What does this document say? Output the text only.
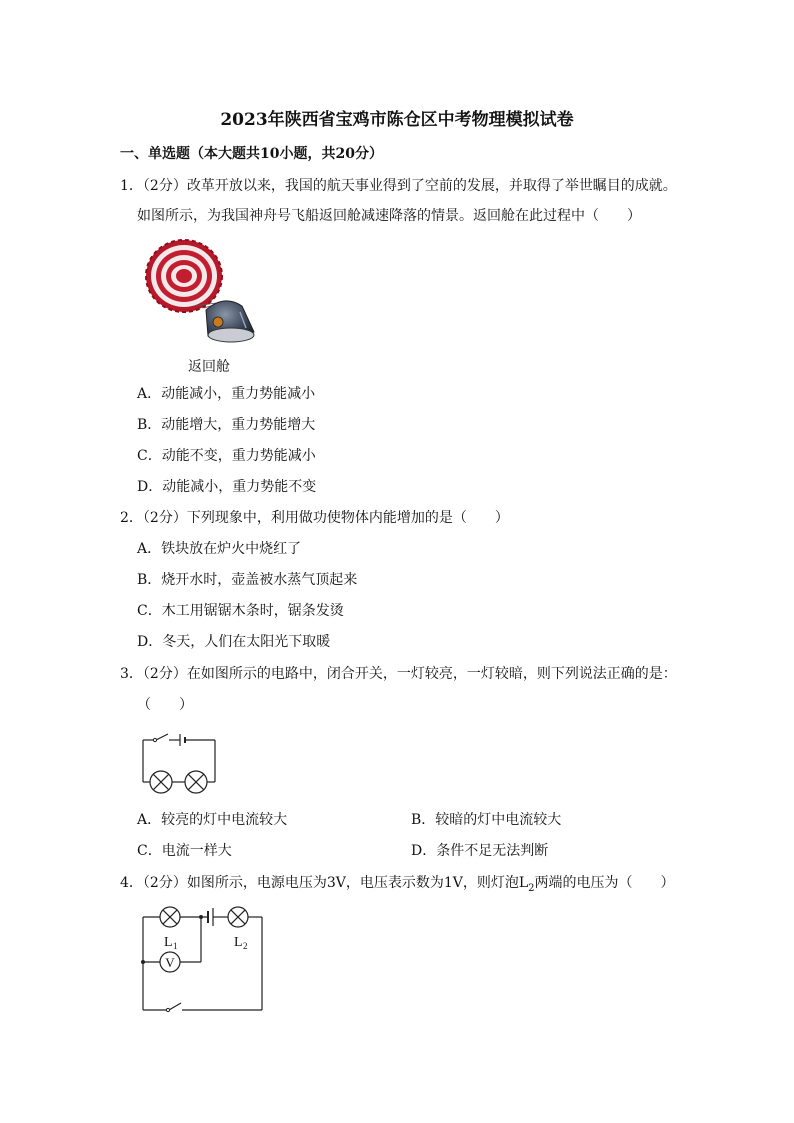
2023年陕西省宝鸡市陈仓区中考物理模拟试卷
一、单选题（本大题共10小题，共20分）
1．（2分）改革开放以来，我国的航天事业得到了空前的发展，并取得了举世瞩目的成就。
如图所示，为我国神舟号飞船返回舱减速降落的情景。返回舱在此过程中（　　）
返回舱
A．动能减小，重力势能减小
B．动能增大，重力势能增大
C．动能不变，重力势能减小
D．动能减小，重力势能不变
2．（2分）下列现象中，利用做功使物体内能增加的是（　　）
A．铁块放在炉火中烧红了
B．烧开水时，壶盖被水蒸气顶起来
C．木工用锯锯木条时，锯条发烫
D．冬天，人们在太阳光下取暖
3．（2分）在如图所示的电路中，闭合开关，一灯较亮，一灯较暗，则下列说法正确的是：
（　　）
A．较亮的灯中电流较大	B．较暗的灯中电流较大
C．电流一样大	D．条件不足无法判断
4．（2分）如图所示，电源电压为3V，电压表示数为1V，则灯泡$L_2$两端的电压为（　　）
V
L 1	L 2
